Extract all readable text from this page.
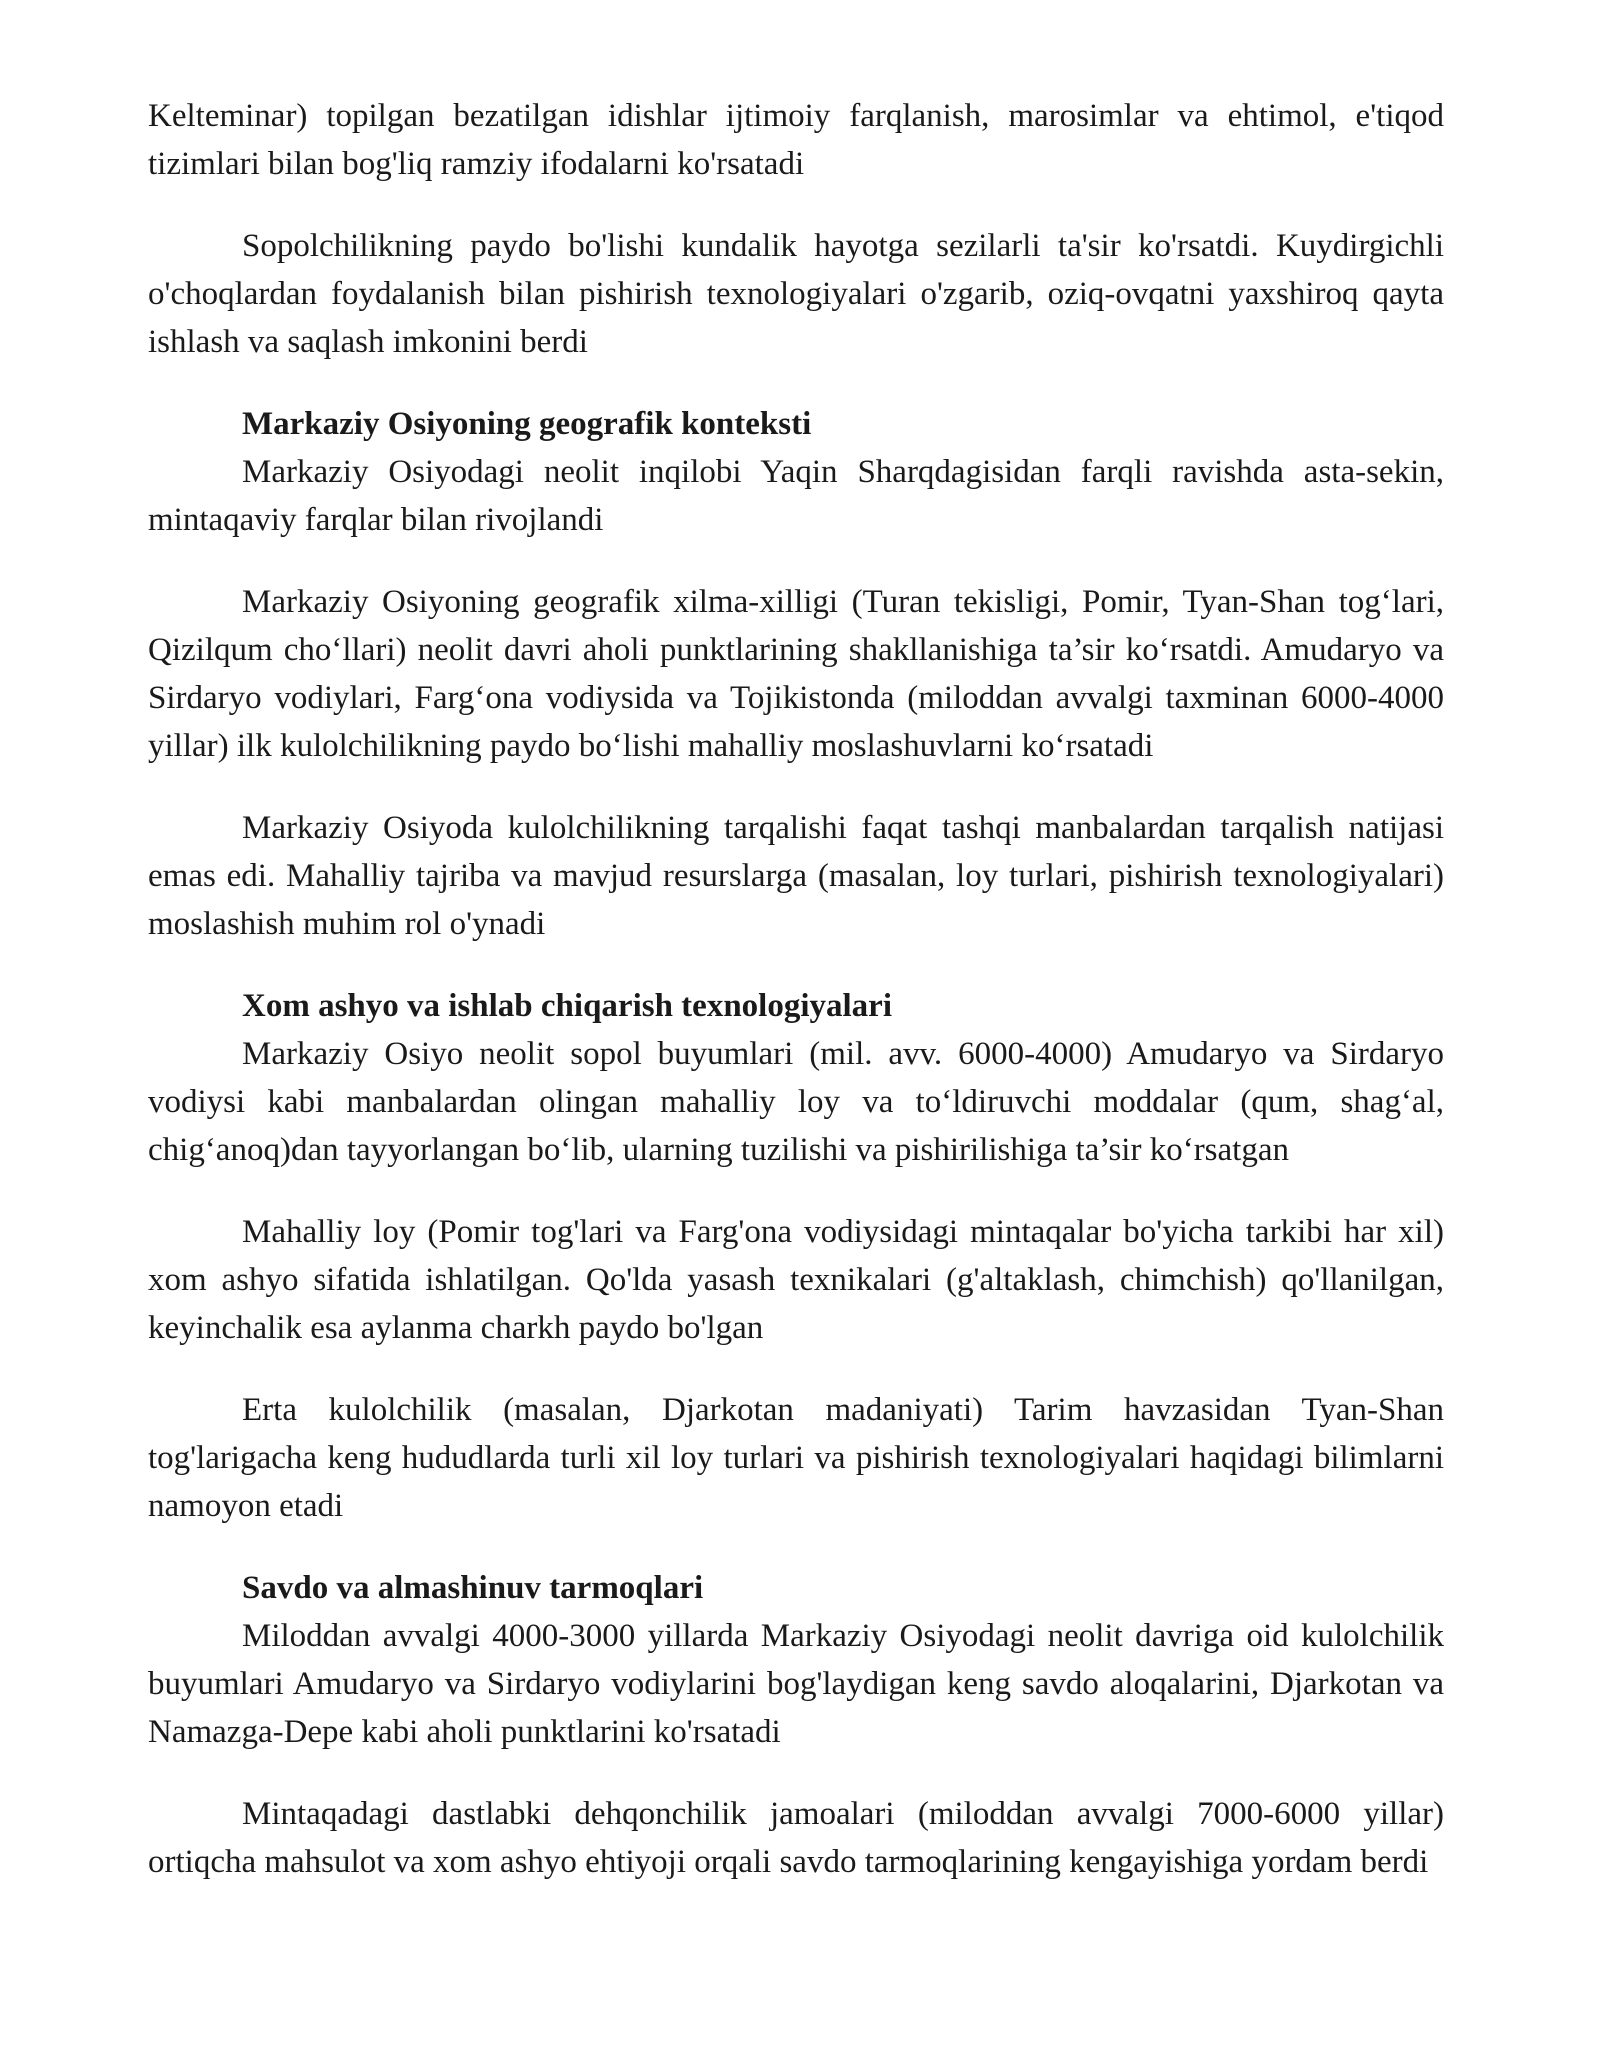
Kelteminar) topilgan bezatilgan idishlar ijtimoiy farqlanish, marosimlar va ehtimol, e'tiqod tizimlari bilan bog'liq ramziy ifodalarni ko'rsatadi

Sopolchilikning paydo bo'lishi kundalik hayotga sezilarli ta'sir ko'rsatdi. Kuydirgichli o'choqlardan foydalanish bilan pishirish texnologiyalari o'zgarib, oziq-ovqatni yaxshiroq qayta ishlash va saqlash imkonini berdi

Markaziy Osiyoning geografik konteksti

Markaziy Osiyodagi neolit inqilobi Yaqin Sharqdagisidan farqli ravishda asta-sekin, mintaqaviy farqlar bilan rivojlandi

Markaziy Osiyoning geografik xilma-xilligi (Turan tekisligi, Pomir, Tyan-Shan tog‘lari, Qizilqum cho‘llari) neolit davri aholi punktlarining shakllanishiga ta’sir ko‘rsatdi. Amudaryo va Sirdaryo vodiylari, Farg‘ona vodiysida va Tojikistonda (miloddan avvalgi taxminan 6000-4000 yillar) ilk kulolchilikning paydo bo‘lishi mahalliy moslashuvlarni ko‘rsatadi

Markaziy Osiyoda kulolchilikning tarqalishi faqat tashqi manbalardan tarqalish natijasi emas edi. Mahalliy tajriba va mavjud resurslarga (masalan, loy turlari, pishirish texnologiyalari) moslashish muhim rol o'ynadi

Xom ashyo va ishlab chiqarish texnologiyalari

Markaziy Osiyo neolit sopol buyumlari (mil. avv. 6000-4000) Amudaryo va Sirdaryo vodiysi kabi manbalardan olingan mahalliy loy va to‘ldiruvchi moddalar (qum, shag‘al, chig‘anoq)dan tayyorlangan bo‘lib, ularning tuzilishi va pishirilishiga ta’sir ko‘rsatgan

Mahalliy loy (Pomir tog'lari va Farg'ona vodiysidagi mintaqalar bo'yicha tarkibi har xil) xom ashyo sifatida ishlatilgan. Qo'lda yasash texnikalari (g'altaklash, chimchish) qo'llanilgan, keyinchalik esa aylanma charkh paydo bo'lgan

Erta kulolchilik (masalan, Djarkotan madaniyati) Tarim havzasidan Tyan-Shan tog'larigacha keng hududlarda turli xil loy turlari va pishirish texnologiyalari haqidagi bilimlarni namoyon etadi

Savdo va almashinuv tarmoqlari

Miloddan avvalgi 4000-3000 yillarda Markaziy Osiyodagi neolit davriga oid kulolchilik buyumlari Amudaryo va Sirdaryo vodiylarini bog'laydigan keng savdo aloqalarini, Djarkotan va Namazga-Depe kabi aholi punktlarini ko'rsatadi

Mintaqadagi dastlabki dehqonchilik jamoalari (miloddan avvalgi 7000-6000 yillar) ortiqcha mahsulot va xom ashyo ehtiyoji orqali savdo tarmoqlarining kengayishiga yordam berdi
